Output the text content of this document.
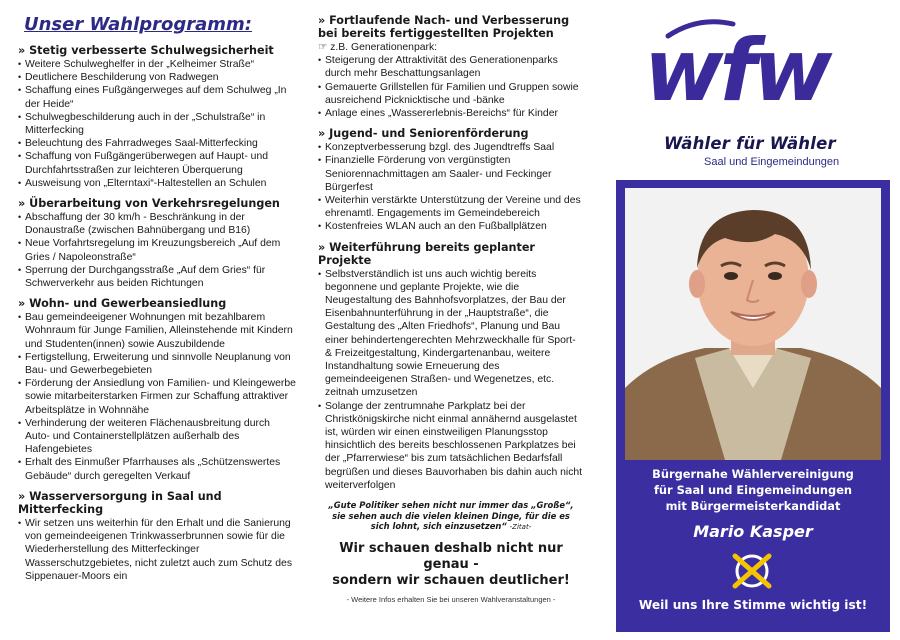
Unser Wahlprogramm:
» Stetig verbesserte Schulwegsicherheit
• Weitere Schulweghelfer in der „Kelheimer Straße“
• Deutlichere Beschilderung von Radwegen
• Schaffung eines Fußgängerweges auf dem Schulweg „In der Heide“
• Schulwegbeschilderung auch in der „Schulstraße“ in Mitterfecking
• Beleuchtung des Fahrradweges Saal-Mitterfecking
• Schaffung von Fußgängerüberwegen auf Haupt- und Durchfahrtsstraßen zur leichteren Überquerung
• Ausweisung von „Elterntaxi“-Haltestellen an Schulen
» Überarbeitung von Verkehrsregelungen
• Abschaffung der 30 km/h - Beschränkung in der Donaustraße (zwischen Bahnübergang und B16)
• Neue Vorfahrtsregelung im Kreuzungsbereich „Auf dem Gries / Napoleonstraße“
• Sperrung der Durchgangsstraße „Auf dem Gries“ für Schwerverkehr aus beiden Richtungen
» Wohn- und Gewerbeansiedlung
• Bau gemeindeeigener Wohnungen mit bezahlbarem Wohnraum für Junge Familien, Alleinstehende mit Kindern und Studenten(innen) sowie Auszubildende
• Fertigstellung, Erweiterung und sinnvolle Neuplanung von Bau- und Gewerbegebieten
• Förderung der Ansiedlung von Familien- und Kleingewerbe sowie mitarbeiterstarken Firmen zur Schaffung attraktiver Arbeitsplätze in Wohnnähe
• Verhinderung der weiteren Flächenausbreitung durch Auto- und Containerstellplätzen außerhalb des Hafengebietes
• Erhalt des Einmußer Pfarrhauses als „Schützenswertes Gebäude“ durch geregelten Verkauf
» Wasserversorgung in Saal und Mitterfecking
• Wir setzen uns weiterhin für den Erhalt und die Sanierung von gemeindeeigenen Trinkwasserbrunnen sowie für die Wiederherstellung des Mitterfeckinger Wasserschutzgebietes, nicht zuletzt auch zum Schutz des Sippenauer-Moors ein
» Fortlaufende Nach- und Verbesserung bei bereits fertiggestellten Projekten
☞ z.B. Generationenpark:
• Steigerung der Attraktivität des Generationenparks durch mehr Beschattungsanlagen
• Gemauerte Grillstellen für Familien und Gruppen sowie ausreichend Picknicktische und -bänke
• Anlage eines „Wassererlebnis-Bereichs“ für Kinder
» Jugend- und Seniorenförderung
• Konzeptverbesserung bzgl. des Jugendtreffs Saal
• Finanzielle Förderung von vergünstigten Seniorennachmittagen am Saaler- und Feckinger Bürgerfest
• Weiterhin verstärkte Unterstützung der Vereine und des ehrenamtl. Engagements im Gemeindebereich
• Kostenfreies WLAN auch an den Fußballplätzen
» Weiterführung bereits geplanter Projekte
• Selbstverständlich ist uns auch wichtig bereits begonnene und geplante Projekte, wie die Neugestaltung des Bahnhofsvorplatzes, der Bau der Eisenbahnunterführung in der „Hauptstraße“, die Gestaltung des „Alten Friedhofs“, Planung und Bau einer behindertengerechten Mehrzweckhalle für Sport- & Freizeitgestaltung, Kindergartenanbau, weitere Instandhaltung sowie Erneuerung des gemeindeeigenen Straßen- und Wegenetzes, etc. zeitnah umzusetzen
• Solange der zentrumnahe Parkplatz bei der Christkönigskirche nicht einmal annähernd ausgelastet ist, würden wir einen einstweiligen Planungsstop hinsichtlich des bereits beschlossenen Parkplatzes bei der „Pfarrerwiese“ bis zum tatsächlichen Bedarfsfall begrüßen und dieses Bauvorhaben bis dahin auch nicht weiterverfolgen
„Gute Politiker sehen nicht nur immer das „Große“, sie sehen auch die vielen kleinen Dinge, für die es sich lohnt, sich einzusetzen“ -Zitat-
Wir schauen deshalb nicht nur genau -
sondern wir schauen deutlicher!
- Weitere Infos erhalten Sie bei unseren Wahlveranstaltungen -
wfw
Wähler für Wähler
Saal und Eingemeindungen
Bürgernahe Wählervereinigung
für Saal und Eingemeindungen
mit Bürgermeisterkandidat
Mario Kasper
Weil uns Ihre Stimme wichtig ist!
